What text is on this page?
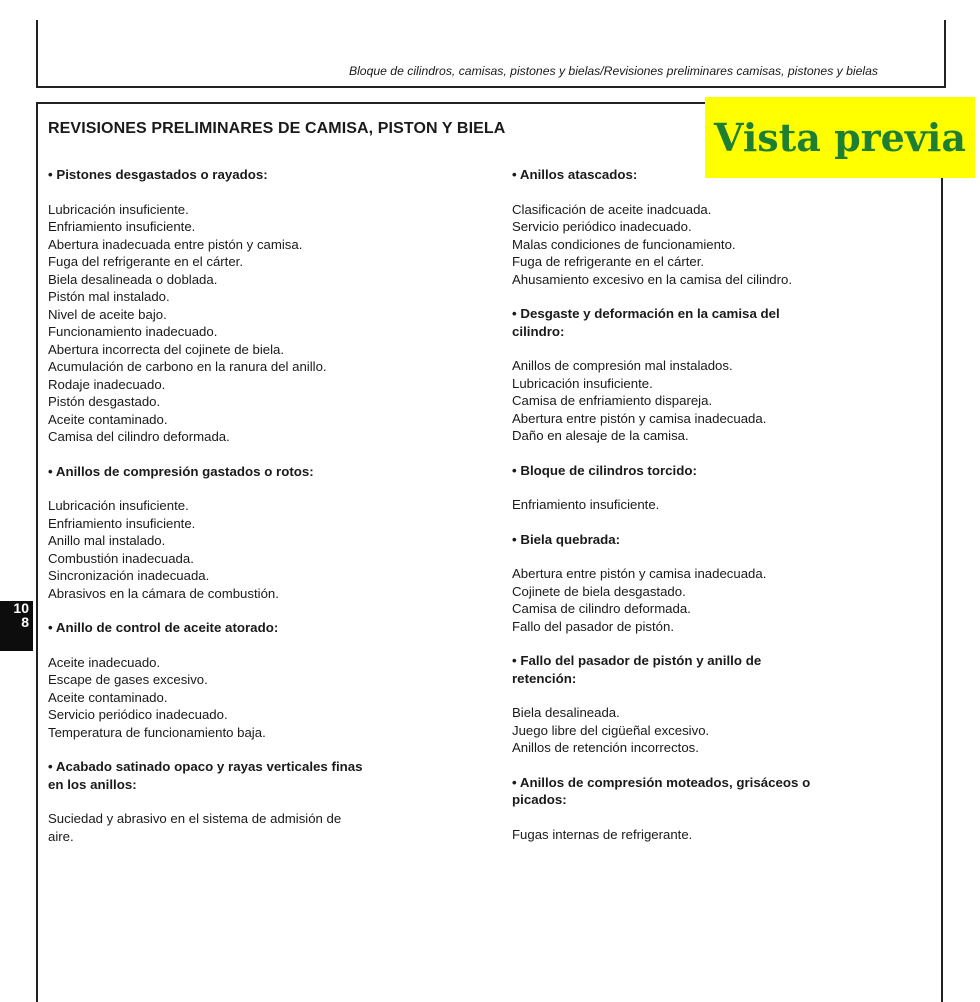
Bloque de cilindros, camisas, pistones y bielas/Revisiones preliminares camisas, pistones y bielas
REVISIONES PRELIMINARES DE CAMISA, PISTON Y BIELA	Vista previa
10
8
• Pistones desgastados o rayados:
Lubricación insuficiente.
Enfriamiento insuficiente.
Abertura inadecuada entre pistón y camisa.
Fuga del refrigerante en el cárter.
Biela desalineada o doblada.
Pistón mal instalado.
Nivel de aceite bajo.
Funcionamiento inadecuado.
Abertura incorrecta del cojinete de biela.
Acumulación de carbono en la ranura del anillo.
Rodaje inadecuado.
Pistón desgastado.
Aceite contaminado.
Camisa del cilindro deformada.
• Anillos de compresión gastados o rotos:
Lubricación insuficiente.
Enfriamiento insuficiente.
Anillo mal instalado.
Combustión inadecuada.
Sincronización inadecuada.
Abrasivos en la cámara de combustión.
• Anillo de control de aceite atorado:
Aceite inadecuado.
Escape de gases excesivo.
Aceite contaminado.
Servicio periódico inadecuado.
Temperatura de funcionamiento baja.
• Acabado satinado opaco y rayas verticales finas
en los anillos:
Suciedad y abrasivo en el sistema de admisión de
aire.
• Anillos atascados:
Clasificación de aceite inadcuada.
Servicio periódico inadecuado.
Malas condiciones de funcionamiento.
Fuga de refrigerante en el cárter.
Ahusamiento excesivo en la camisa del cilindro.
• Desgaste y deformación en la camisa del
cilindro:
Anillos de compresión mal instalados.
Lubricación insuficiente.
Camisa de enfriamiento dispareja.
Abertura entre pistón y camisa inadecuada.
Daño en alesaje de la camisa.
• Bloque de cilindros torcido:
Enfriamiento insuficiente.
• Biela quebrada:
Abertura entre pistón y camisa inadecuada.
Cojinete de biela desgastado.
Camisa de cilindro deformada.
Fallo del pasador de pistón.
• Fallo del pasador de pistón y anillo de
retención:
Biela desalineada.
Juego libre del cigüeñal excesivo.
Anillos de retención incorrectos.
• Anillos de compresión moteados, grisáceos o
picados:
Fugas internas de refrigerante.
